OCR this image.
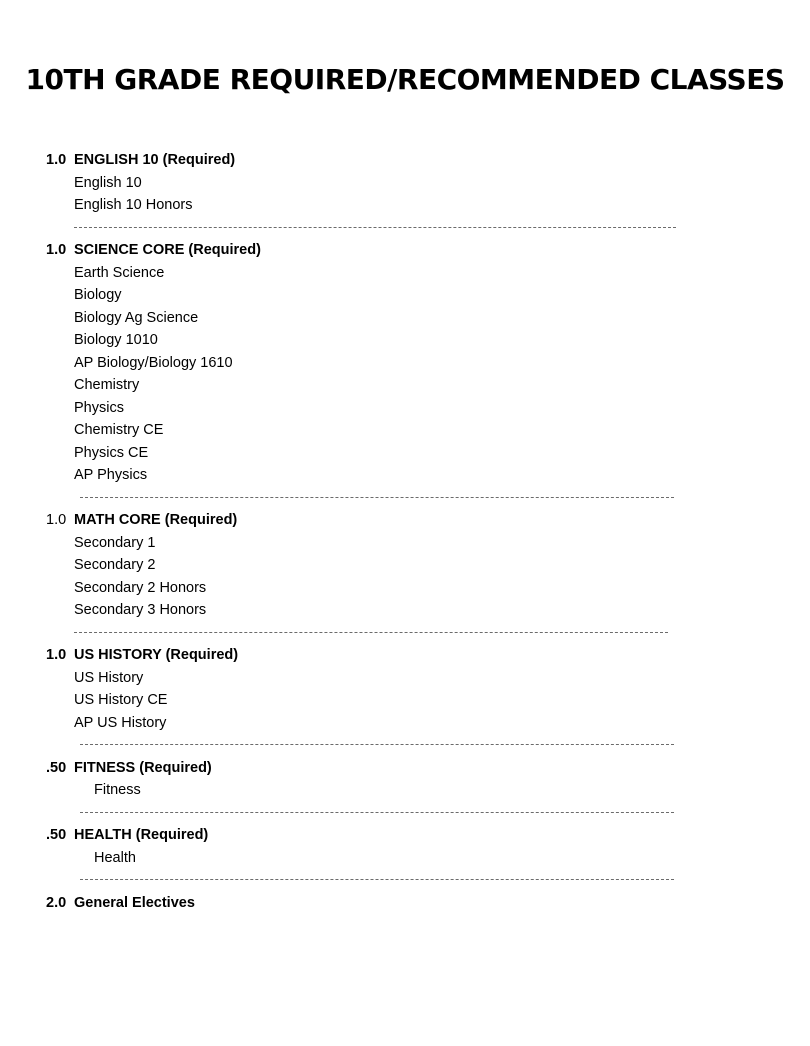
10TH GRADE REQUIRED/RECOMMENDED CLASSES
1.0 ENGLISH 10 (Required)
English 10
English 10 Honors
1.0 SCIENCE CORE (Required)
Earth Science
Biology
Biology Ag Science
Biology 1010
AP Biology/Biology 1610
Chemistry
Physics
Chemistry CE
Physics CE
AP Physics
1.0 MATH CORE (Required)
Secondary 1
Secondary 2
Secondary 2 Honors
Secondary 3 Honors
1.0 US HISTORY (Required)
US History
US History CE
AP US History
.50 FITNESS (Required)
Fitness
.50 HEALTH (Required)
Health
2.0 General Electives
